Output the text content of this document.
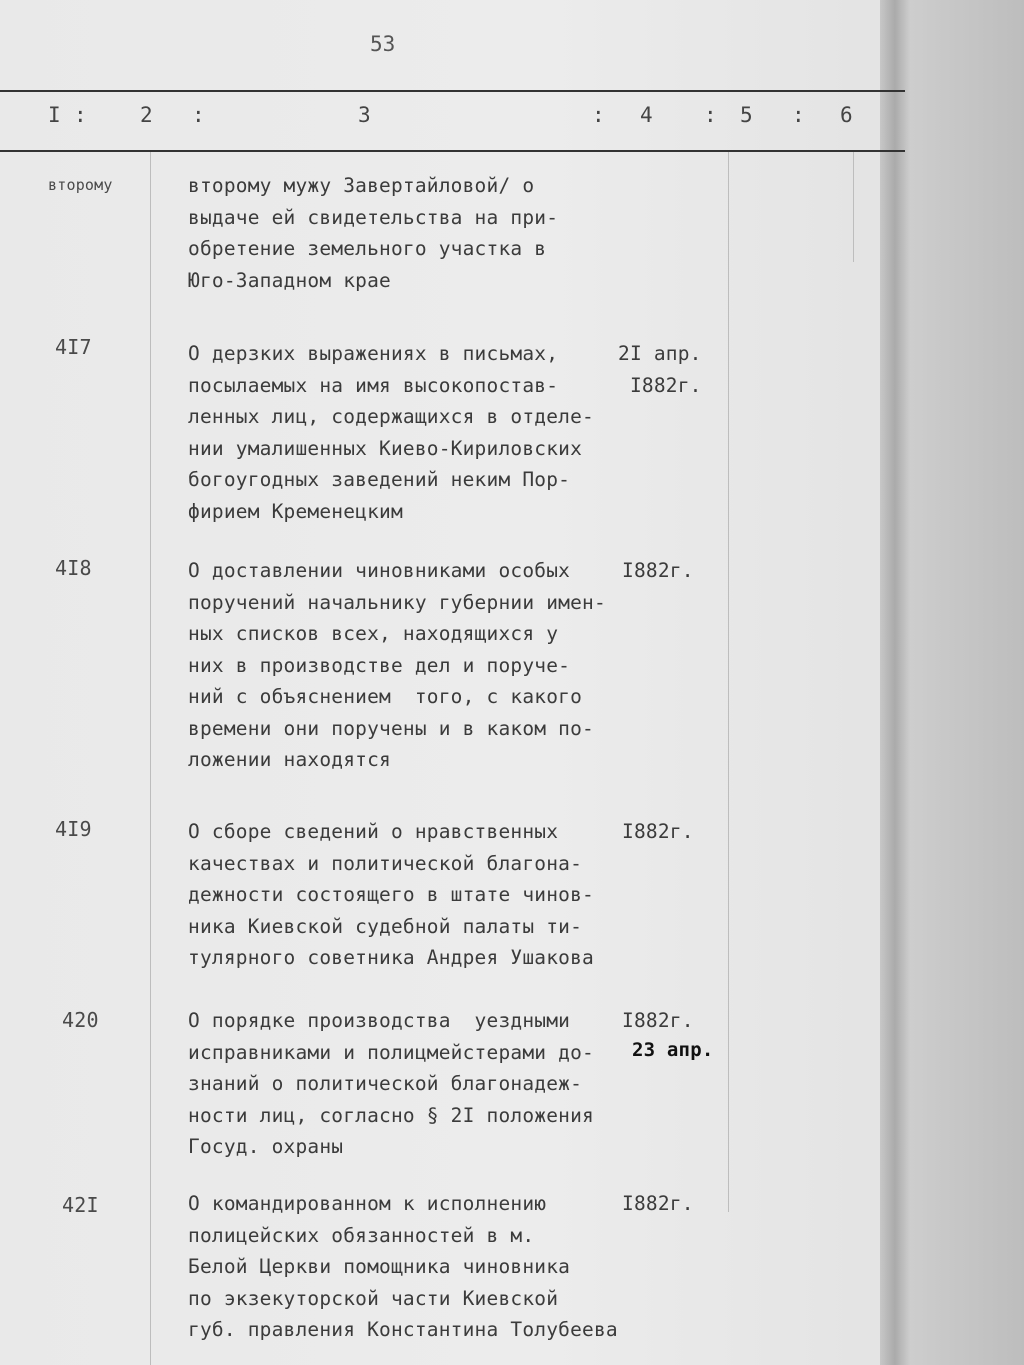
53
I :	2 :	3	: 4 : 5 : 6
второму	второму мужу Завертайловой/ о
выдаче ей свидетельства на при-
обретение земельного участка в
Юго-Западном крае
4I7	О дерзких выражениях в письмах,
посылаемых на имя высокопостав-
ленных лиц, содержащихся в отделе-
нии умалишенных Киево-Кириловских
богоугодных заведений неким Пор-
фирием Кременецким
2I апр.
I882г.
4I8	О доставлении чиновниками особых
поручений начальнику губернии имен-
ных списков всех, находящихся у
них в производстве дел и поруче-
ний с объяснением  того, с какого
времени они поручены и в каком по-
ложении находятся
I882г.
4I9	О сборе сведений о нравственных
качествах и политической благона-
дежности состоящего в штате чинов-
ника Киевской судебной палаты ти-
тулярного советника Андрея Ушакова
I882г.
420	О порядке производства  уездными
исправниками и полицмейстерами до-
знаний о политической благонадеж-
ности лиц, согласно § 2I положения
Госуд. охраны
I882г.
23 апр.
42I	О командированном к исполнению
полицейских обязанностей в м.
Белой Церкви помощника чиновника
по экзекуторской части Киевской
губ. правления Константина Толубеева
I882г.
